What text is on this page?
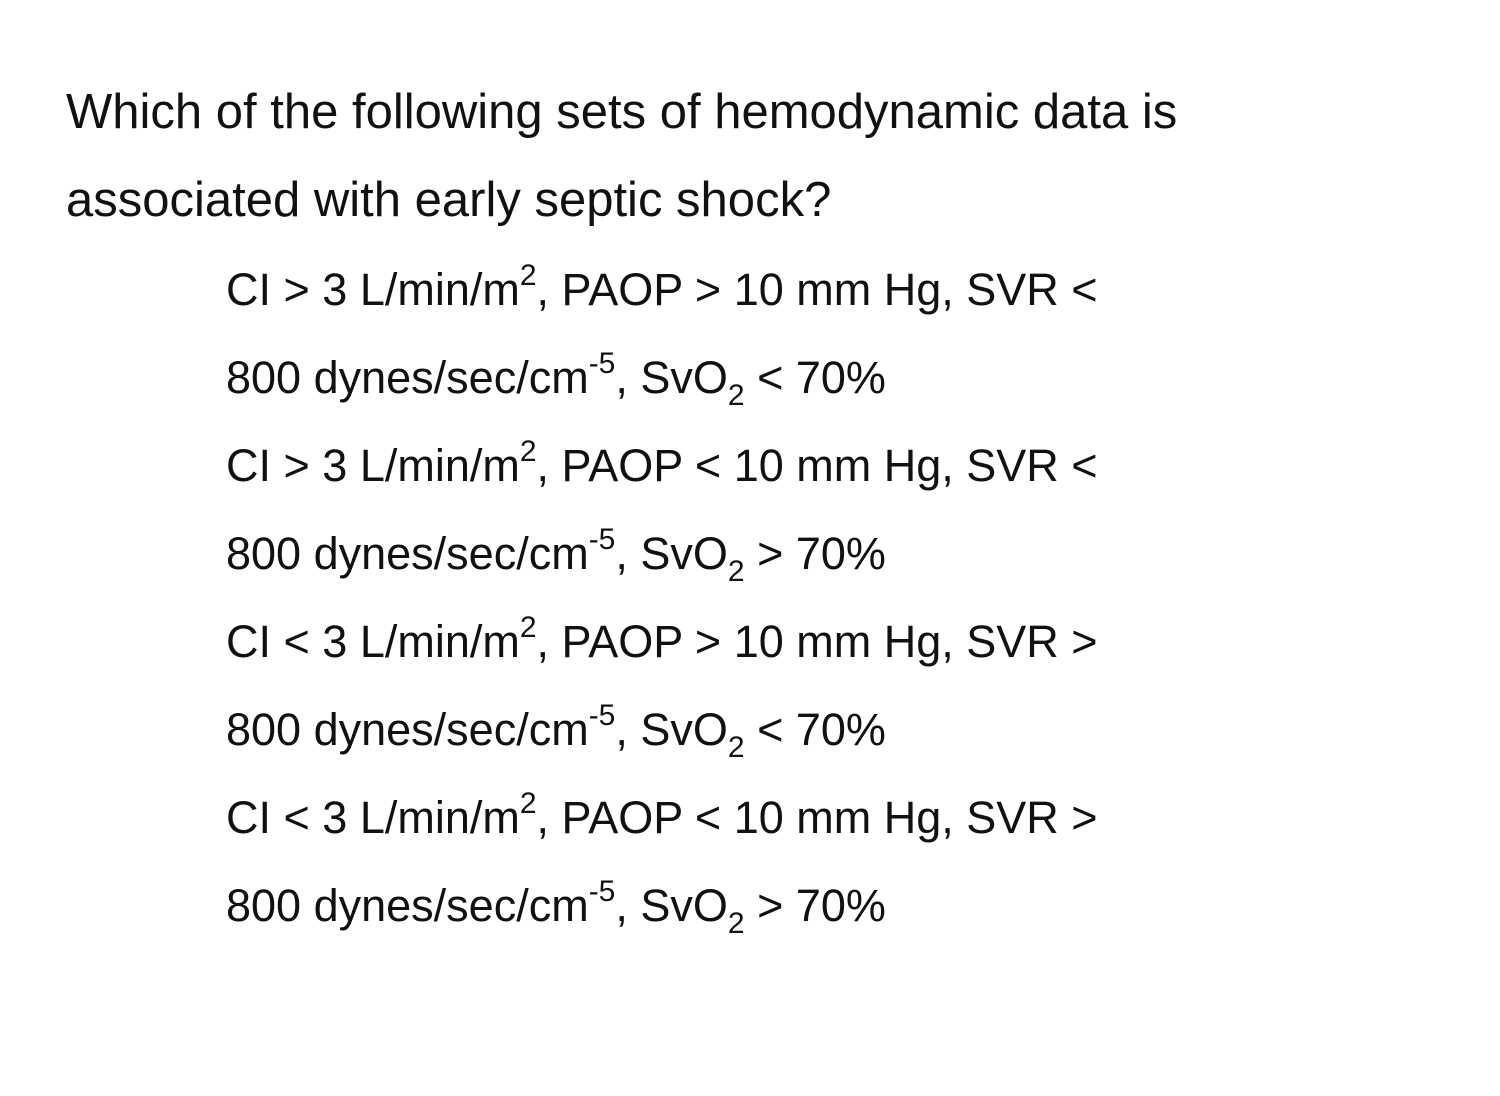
Which of the following sets of hemodynamic data is
associated with early septic shock?

CI > 3 $L/\min/m^2$, PAOP > 10 mm Hg, SVR <
800 dynes/$\sec/cm^{-5}$, SvO$_2$ < 70%
CI > 3 $L/\min/m^2$, PAOP < 10 mm Hg, SVR <
800 dynes/$\sec/cm^{-5}$, SvO$_2$ > 70%
CI < 3 $L/\min/m^2$, PAOP > 10 mm Hg, SVR >
800 dynes/$\sec/cm^{-5}$, SvO$_2$ < 70%
CI < 3 $L/\min/m^2$, PAOP < 10 mm Hg, SVR >
800 dynes/$\sec/cm^{-5}$, SvO$_2$ > 70%
